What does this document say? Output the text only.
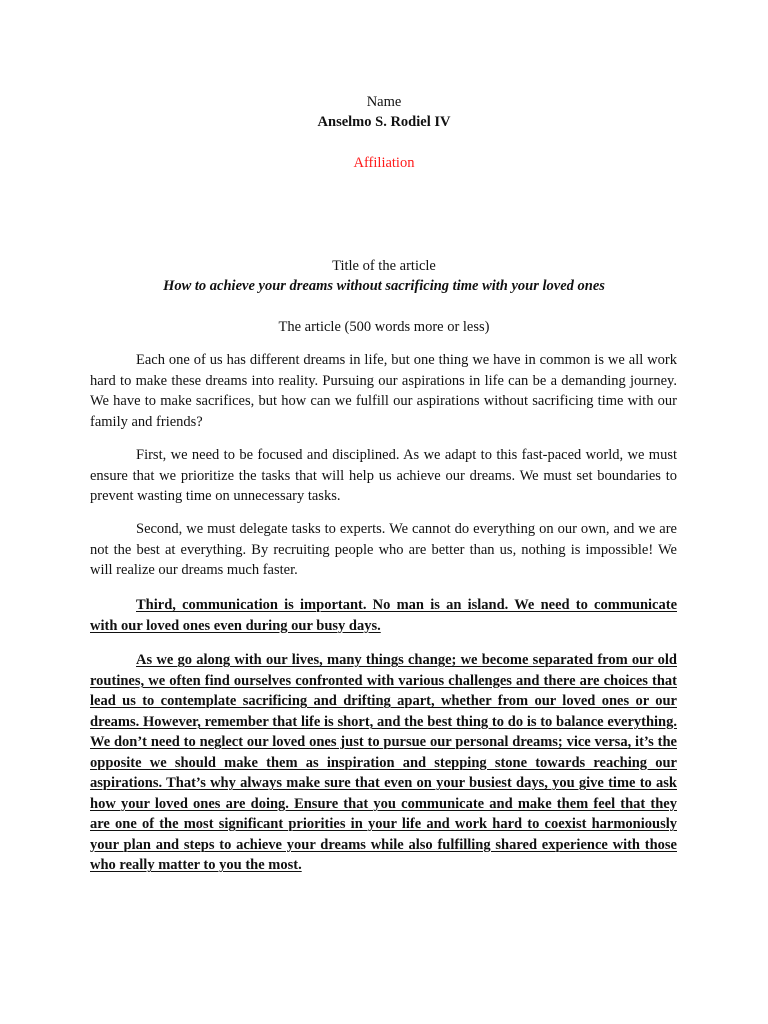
Name
Anselmo S. Rodiel IV
Affiliation
Title of the article
How to achieve your dreams without sacrificing time with your loved ones
The article (500 words more or less)

Each one of us has different dreams in life, but one thing we have in common is we all work hard to make these dreams into reality. Pursuing our aspirations in life can be a demanding journey. We have to make sacrifices, but how can we fulfill our aspirations without sacrificing time with our family and friends?

First, we need to be focused and disciplined. As we adapt to this fast-paced world, we must ensure that we prioritize the tasks that will help us achieve our dreams. We must set boundaries to prevent wasting time on unnecessary tasks.

Second, we must delegate tasks to experts. We cannot do everything on our own, and we are not the best at everything. By recruiting people who are better than us, nothing is impossible! We will realize our dreams much faster.

Third, communication is important. No man is an island. We need to communicate with our loved ones even during our busy days.

As we go along with our lives, many things change; we become separated from our old routines, we often find ourselves confronted with various challenges and there are choices that lead us to contemplate sacrificing and drifting apart, whether from our loved ones or our dreams. However, remember that life is short, and the best thing to do is to balance everything. We don’t need to neglect our loved ones just to pursue our personal dreams; vice versa, it’s the opposite we should make them as inspiration and stepping stone towards reaching our aspirations. That’s why always make sure that even on your busiest days, you give time to ask how your loved ones are doing. Ensure that you communicate and make them feel that they are one of the most significant priorities in your life and work hard to coexist harmoniously your plan and steps to achieve your dreams while also fulfilling shared experience with those who really matter to you the most.
